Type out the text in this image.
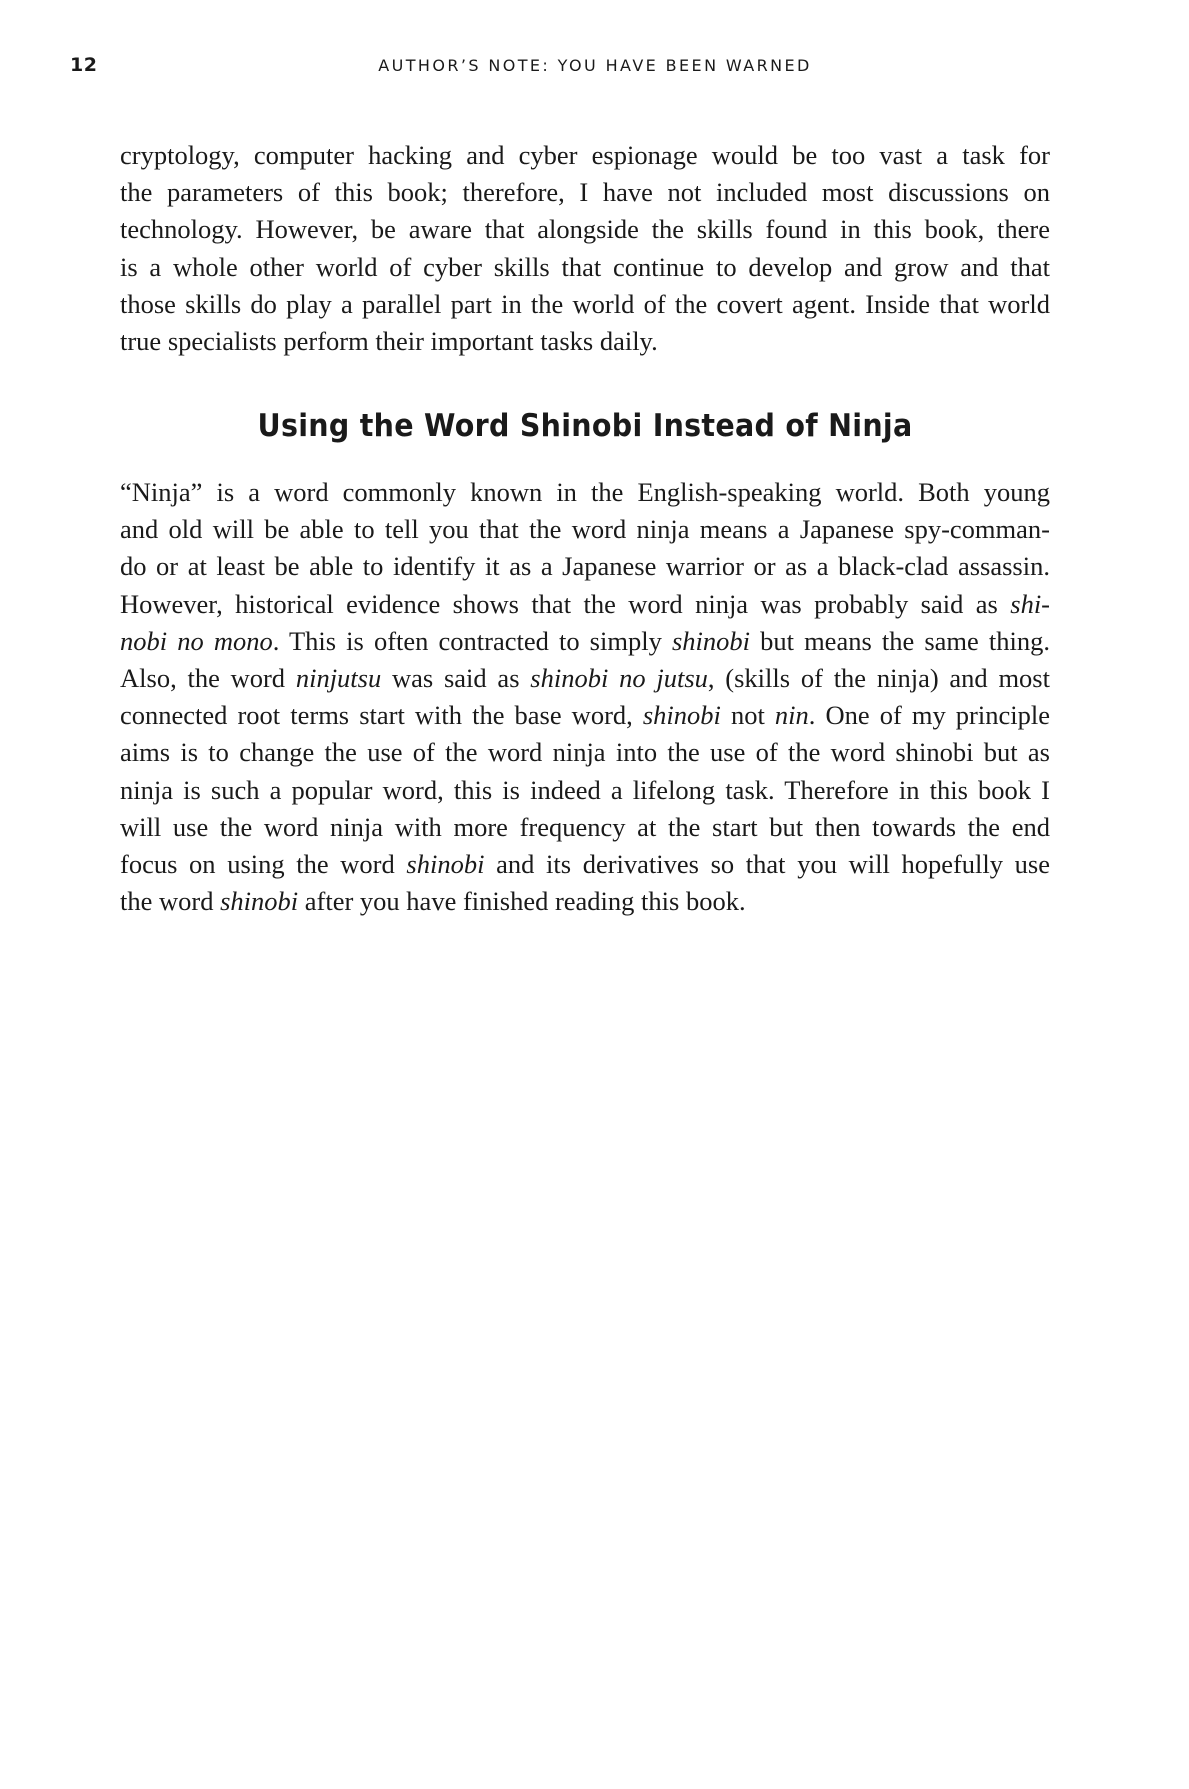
12	AUTHOR’S NOTE: YOU HAVE BEEN WARNED
cryptology, computer hacking and cyber espionage would be too vast a task for
the parameters of this book; therefore, I have not included most discussions on
technology. However, be aware that alongside the skills found in this book, there
is a whole other world of cyber skills that continue to develop and grow and that
those skills do play a parallel part in the world of the covert agent. Inside that world
true specialists perform their important tasks daily.
Using the Word Shinobi Instead of Ninja
“Ninja” is a word commonly known in the English-speaking world. Both young
and old will be able to tell you that the word ninja means a Japanese spy-comman-
do or at least be able to identify it as a Japanese warrior or as a black-clad assassin.
However, historical evidence shows that the word ninja was probably said as shi-
nobi no mono. This is often contracted to simply shinobi but means the same thing.
Also, the word ninjutsu was said as shinobi no jutsu, (skills of the ninja) and most
connected root terms start with the base word, shinobi not nin. One of my principle
aims is to change the use of the word ninja into the use of the word shinobi but as
ninja is such a popular word, this is indeed a lifelong task. Therefore in this book I
will use the word ninja with more frequency at the start but then towards the end
focus on using the word shinobi and its derivatives so that you will hopefully use
the word shinobi after you have finished reading this book.
